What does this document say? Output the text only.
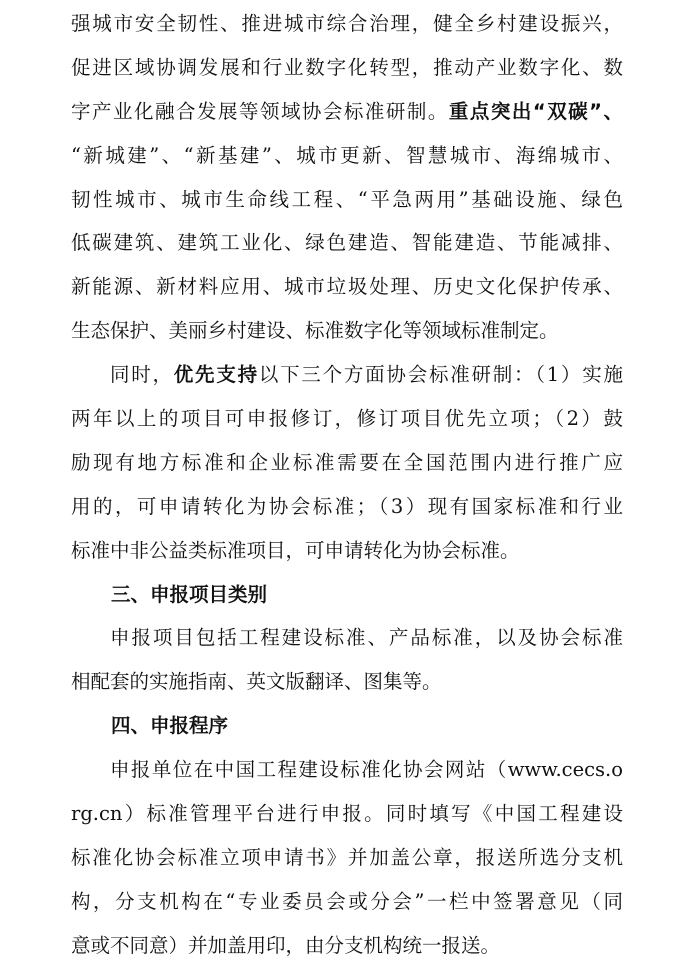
强城市安全韧性、推进城市综合治理，健全乡村建设振兴，
促进区域协调发展和行业数字化转型，推动产业数字化、数
字产业化融合发展等领域协会标准研制。重点突出“双碳”、
“新城建”、“新基建”、城市更新、智慧城市、海绵城市、
韧性城市、城市生命线工程、“平急两用”基础设施、绿色
低碳建筑、建筑工业化、绿色建造、智能建造、节能减排、
新能源、新材料应用、城市垃圾处理、历史文化保护传承、
生态保护、美丽乡村建设、标准数字化等领域标准制定。
同时，优先支持以下三个方面协会标准研制：（1）实施
两年以上的项目可申报修订，修订项目优先立项；（2）鼓
励现有地方标准和企业标准需要在全国范围内进行推广应
用的，可申请转化为协会标准；（3）现有国家标准和行业
标准中非公益类标准项目，可申请转化为协会标准。
三、申报项目类别
申报项目包括工程建设标准、产品标准，以及协会标准
相配套的实施指南、英文版翻译、图集等。
四、申报程序
申报单位在中国工程建设标准化协会网站（www.cecs.o
rg.cn）标准管理平台进行申报。同时填写《中国工程建设
标准化协会标准立项申请书》并加盖公章，报送所选分支机
构，分支机构在“专业委员会或分会”一栏中签署意见（同
意或不同意）并加盖用印，由分支机构统一报送。
